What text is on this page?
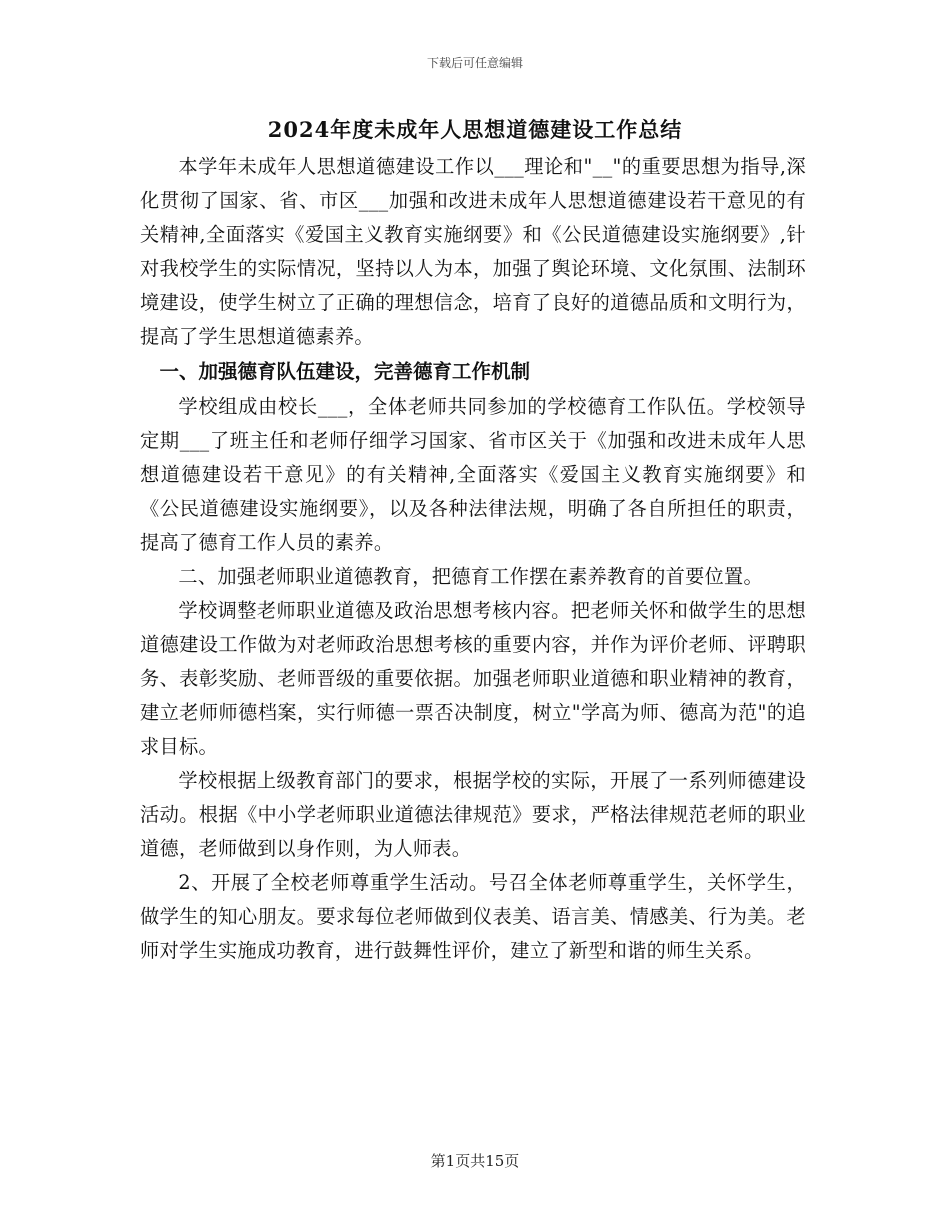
下载后可任意编辑
2024年度未成年人思想道德建设工作总结

本学年未成年人思想道德建设工作以___理论和"__"的重要思想为指导,深化贯彻了国家、省、市区___加强和改进未成年人思想道德建设若干意见的有关精神,全面落实《爱国主义教育实施纲要》和《公民道德建设实施纲要》,针对我校学生的实际情况，坚持以人为本，加强了舆论环境、文化氛围、法制环境建设，使学生树立了正确的理想信念，培育了良好的道德品质和文明行为，提高了学生思想道德素养。

一、加强德育队伍建设，完善德育工作机制

学校组成由校长___，全体老师共同参加的学校德育工作队伍。学校领导定期___了班主任和老师仔细学习国家、省市区关于《加强和改进未成年人思想道德建设若干意见》的有关精神,全面落实《爱国主义教育实施纲要》和《公民道德建设实施纲要》，以及各种法律法规，明确了各自所担任的职责，提高了德育工作人员的素养。

二、加强老师职业道德教育，把德育工作摆在素养教育的首要位置。

学校调整老师职业道德及政治思想考核内容。把老师关怀和做学生的思想道德建设工作做为对老师政治思想考核的重要内容，并作为评价老师、评聘职务、表彰奖励、老师晋级的重要依据。加强老师职业道德和职业精神的教育，建立老师师德档案，实行师德一票否决制度，树立"学高为师、德高为范"的追求目标。

学校根据上级教育部门的要求，根据学校的实际，开展了一系列师德建设活动。根据《中小学老师职业道德法律规范》要求，严格法律规范老师的职业道德，老师做到以身作则，为人师表。

2、开展了全校老师尊重学生活动。号召全体老师尊重学生，关怀学生，做学生的知心朋友。要求每位老师做到仪表美、语言美、情感美、行为美。老师对学生实施成功教育，进行鼓舞性评价，建立了新型和谐的师生关系。

第1页共15页
